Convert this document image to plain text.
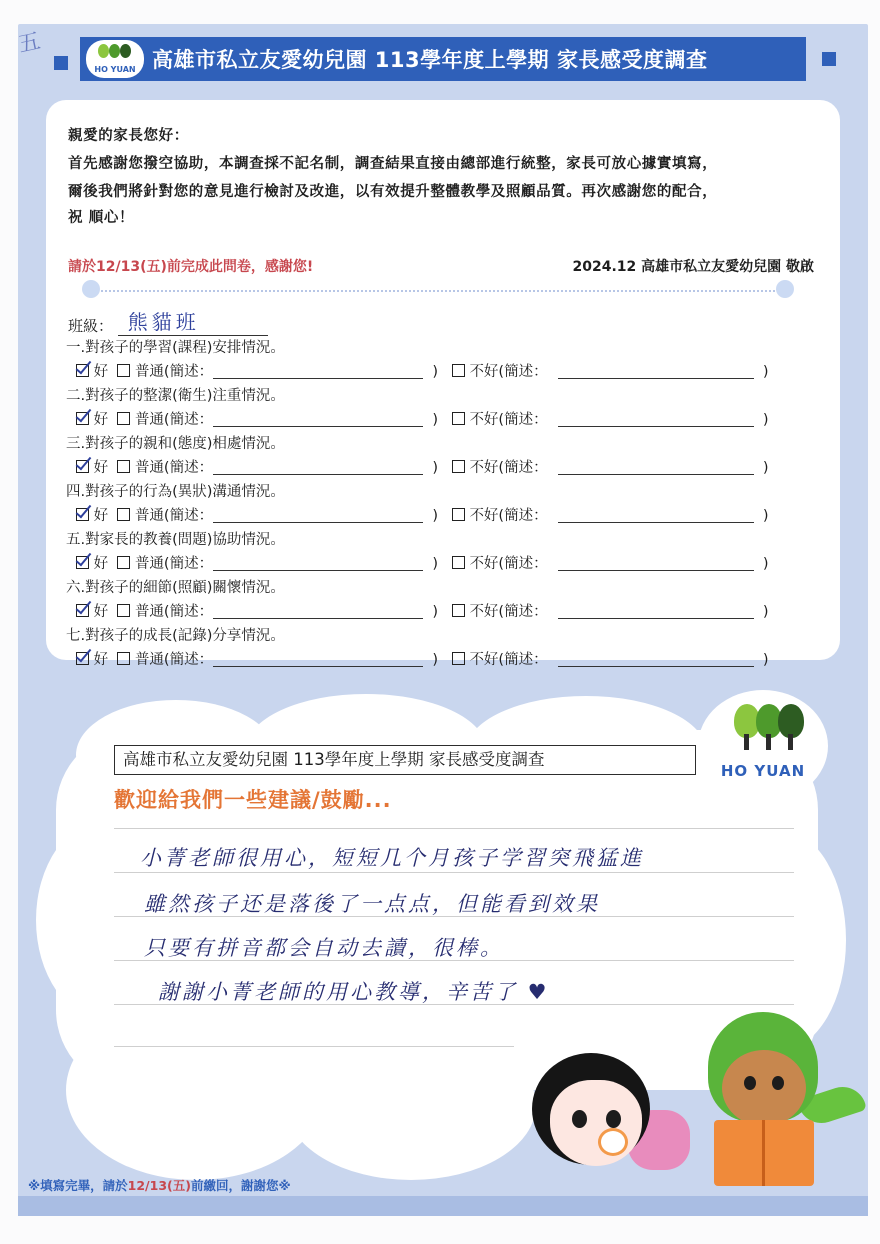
五
HO YUAN 高雄市私立友愛幼兒園 113學年度上學期 家長感受度調查
親愛的家長您好：
首先感謝您撥空協助，本調查採不記名制，調查結果直接由總部進行統整，家長可放心據實填寫，
爾後我們將針對您的意見進行檢討及改進，以有效提升整體教學及照顧品質。再次感謝您的配合，
祝 順心！
請於12/13(五)前完成此問卷，感謝您!	2024.12 高雄市私立友愛幼兒園 敬啟
班級： 熊貓班
一.對孩子的學習(課程)安排情況。
好 普通(簡述：	) 不好(簡述：	)
二.對孩子的整潔(衛生)注重情況。
好 普通(簡述：	) 不好(簡述：	)
三.對孩子的親和(態度)相處情況。
好 普通(簡述：	) 不好(簡述：	)
四.對孩子的行為(異狀)溝通情況。
好 普通(簡述：	) 不好(簡述：	)
五.對家長的教養(問題)協助情況。
好 普通(簡述：	) 不好(簡述：	)
六.對孩子的細節(照顧)關懷情況。
好 普通(簡述：	) 不好(簡述：	)
七.對孩子的成長(記錄)分享情況。
好 普通(簡述：	) 不好(簡述：	)
HO YUAN
高雄市私立友愛幼兒園 113學年度上學期 家長感受度調查
歡迎給我們一些建議/鼓勵...
小菁老師很用心，短短几个月孩子学習突飛猛進
雖然孩子还是落後了一点点，但能看到效果
只要有拼音都会自动去讀，很棒。
謝謝小菁老師的用心教導，辛苦了 ♥
※填寫完畢，請於12/13(五)前繳回，謝謝您※
